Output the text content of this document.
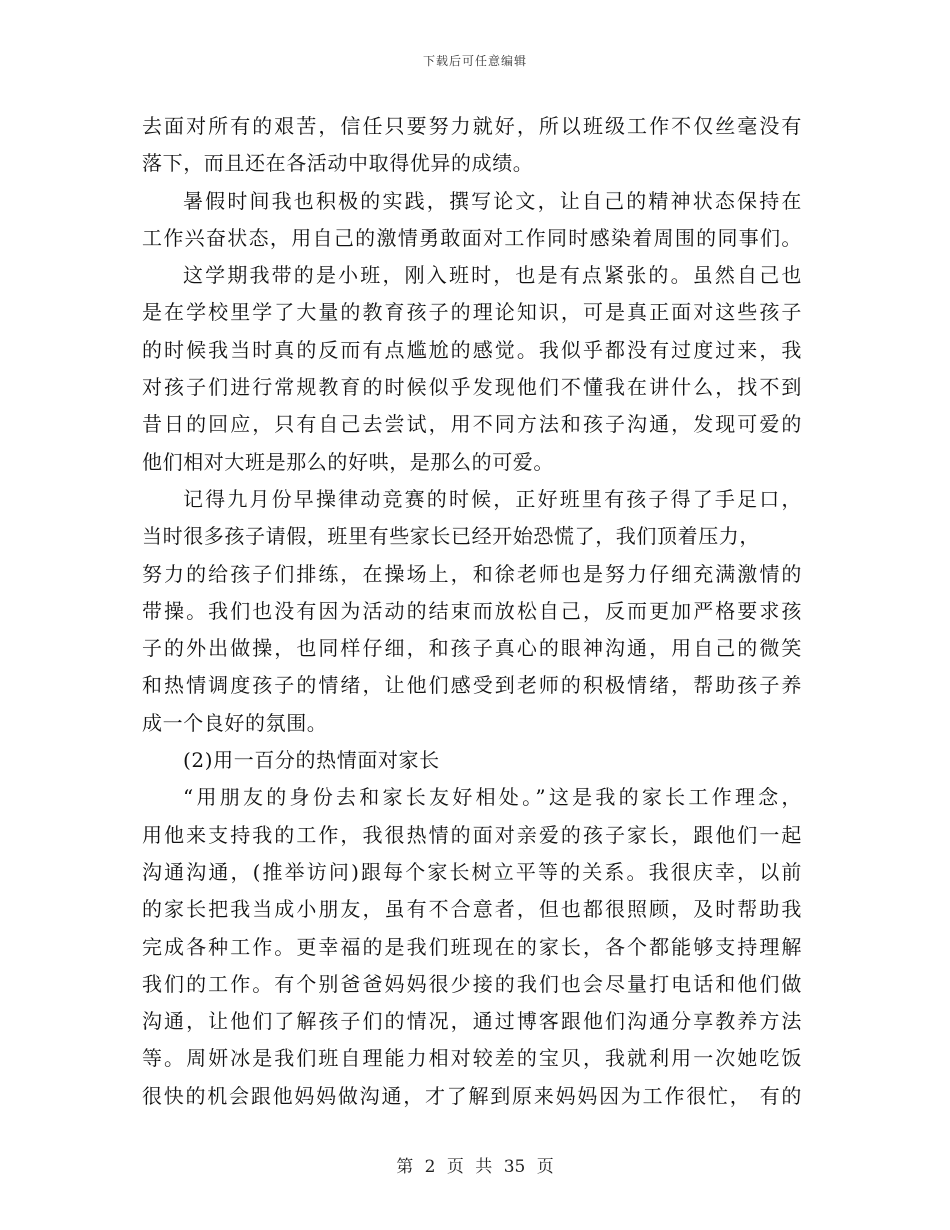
下载后可任意编辑
去面对所有的艰苦，信任只要努力就好，所以班级工作不仅丝毫没有
落下，而且还在各活动中取得优异的成绩。
暑假时间我也积极的实践，撰写论文，让自己的精神状态保持在
工作兴奋状态，用自己的激情勇敢面对工作同时感染着周围的同事们。
这学期我带的是小班，刚入班时，也是有点紧张的。虽然自己也
是在学校里学了大量的教育孩子的理论知识，可是真正面对这些孩子
的时候我当时真的反而有点尴尬的感觉。我似乎都没有过度过来，我
对孩子们进行常规教育的时候似乎发现他们不懂我在讲什么，找不到
昔日的回应，只有自己去尝试，用不同方法和孩子沟通，发现可爱的
他们相对大班是那么的好哄，是那么的可爱。
记得九月份早操律动竞赛的时候，正好班里有孩子得了手足口，
当时很多孩子请假，班里有些家长已经开始恐慌了，我们顶着压力，
努力的给孩子们排练，在操场上，和徐老师也是努力仔细充满激情的
带操。我们也没有因为活动的结束而放松自己，反而更加严格要求孩
子的外出做操，也同样仔细，和孩子真心的眼神沟通，用自己的微笑
和热情调度孩子的情绪，让他们感受到老师的积极情绪，帮助孩子养
成一个良好的氛围。
(2)用一百分的热情面对家长
“用朋友的身份去和家长友好相处。”这是我的家长工作理念，
用他来支持我的工作，我很热情的面对亲爱的孩子家长，跟他们一起
沟通沟通，(推举访问)跟每个家长树立平等的关系。我很庆幸，以前
的家长把我当成小朋友，虽有不合意者，但也都很照顾，及时帮助我
完成各种工作。更幸福的是我们班现在的家长，各个都能够支持理解
我们的工作。有个别爸爸妈妈很少接的我们也会尽量打电话和他们做
沟通，让他们了解孩子们的情况，通过博客跟他们沟通分享教养方法
等。周妍冰是我们班自理能力相对较差的宝贝，我就利用一次她吃饭
很快的机会跟他妈妈做沟通，才了解到原来妈妈因为工作很忙， 有的
第 2 页 共 35 页
